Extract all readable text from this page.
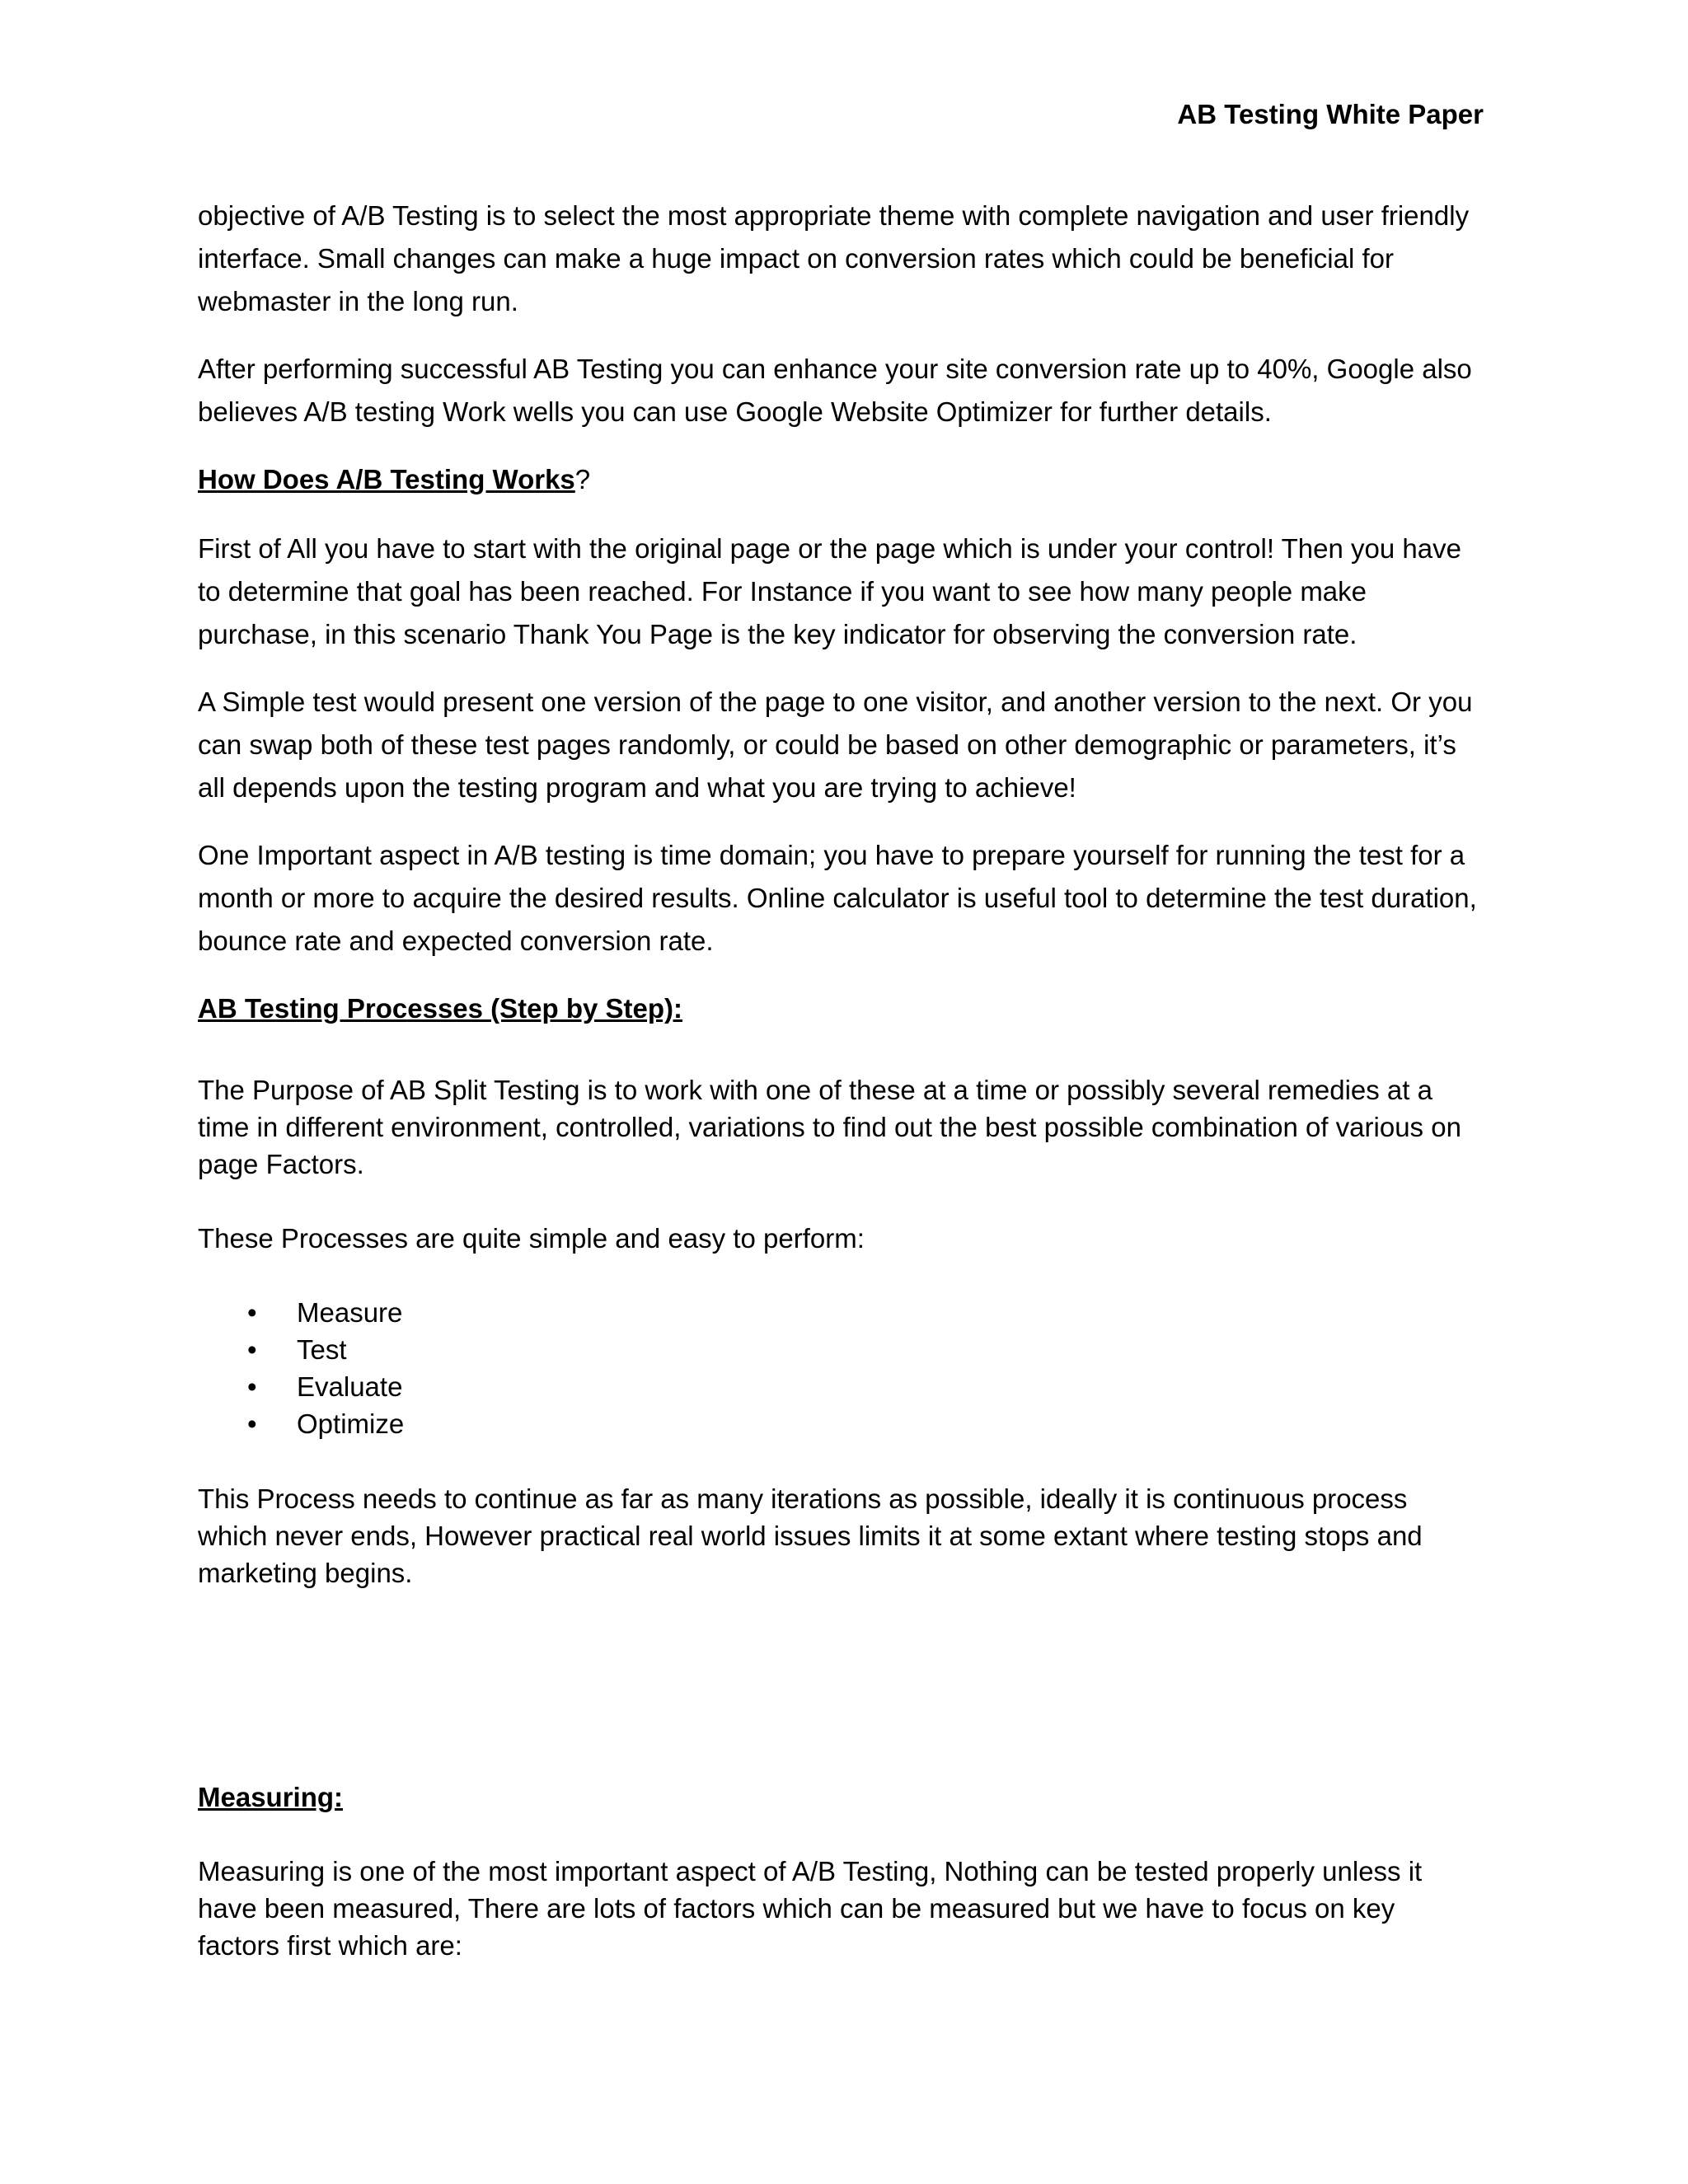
AB Testing White Paper

objective of A/B Testing is to select the most appropriate theme with complete navigation and user friendly interface. Small changes can make a huge impact on conversion rates which could be beneficial for webmaster in the long run.

After performing successful AB Testing you can enhance your site conversion rate up to 40%, Google also believes A/B testing Work wells you can use Google Website Optimizer for further details.

How Does A/B Testing Works?

First of All you have to start with the original page or the page which is under your control! Then you have to determine that goal has been reached. For Instance if you want to see how many people make purchase, in this scenario Thank You Page is the key indicator for observing the conversion rate.

A Simple test would present one version of the page to one visitor, and another version to the next. Or you can swap both of these test pages randomly, or could be based on other demographic or parameters, it’s all depends upon the testing program and what you are trying to achieve!

One Important aspect in A/B testing is time domain; you have to prepare yourself for running the test for a month or more to acquire the desired results. Online calculator is useful tool to determine the test duration, bounce rate and expected conversion rate.

AB Testing Processes (Step by Step):

The Purpose of AB Split Testing is to work with one of these at a time or possibly several remedies at a time in different environment, controlled, variations to find out the best possible combination of various on page Factors.

These Processes are quite simple and easy to perform:

• Measure
• Test
• Evaluate
• Optimize

This Process needs to continue as far as many iterations as possible, ideally it is continuous process which never ends, However practical real world issues limits it at some extant where testing stops and marketing begins.

Measuring:

Measuring is one of the most important aspect of A/B Testing, Nothing can be tested properly unless it have been measured, There are lots of factors which can be measured but we have to focus on key factors first which are:
